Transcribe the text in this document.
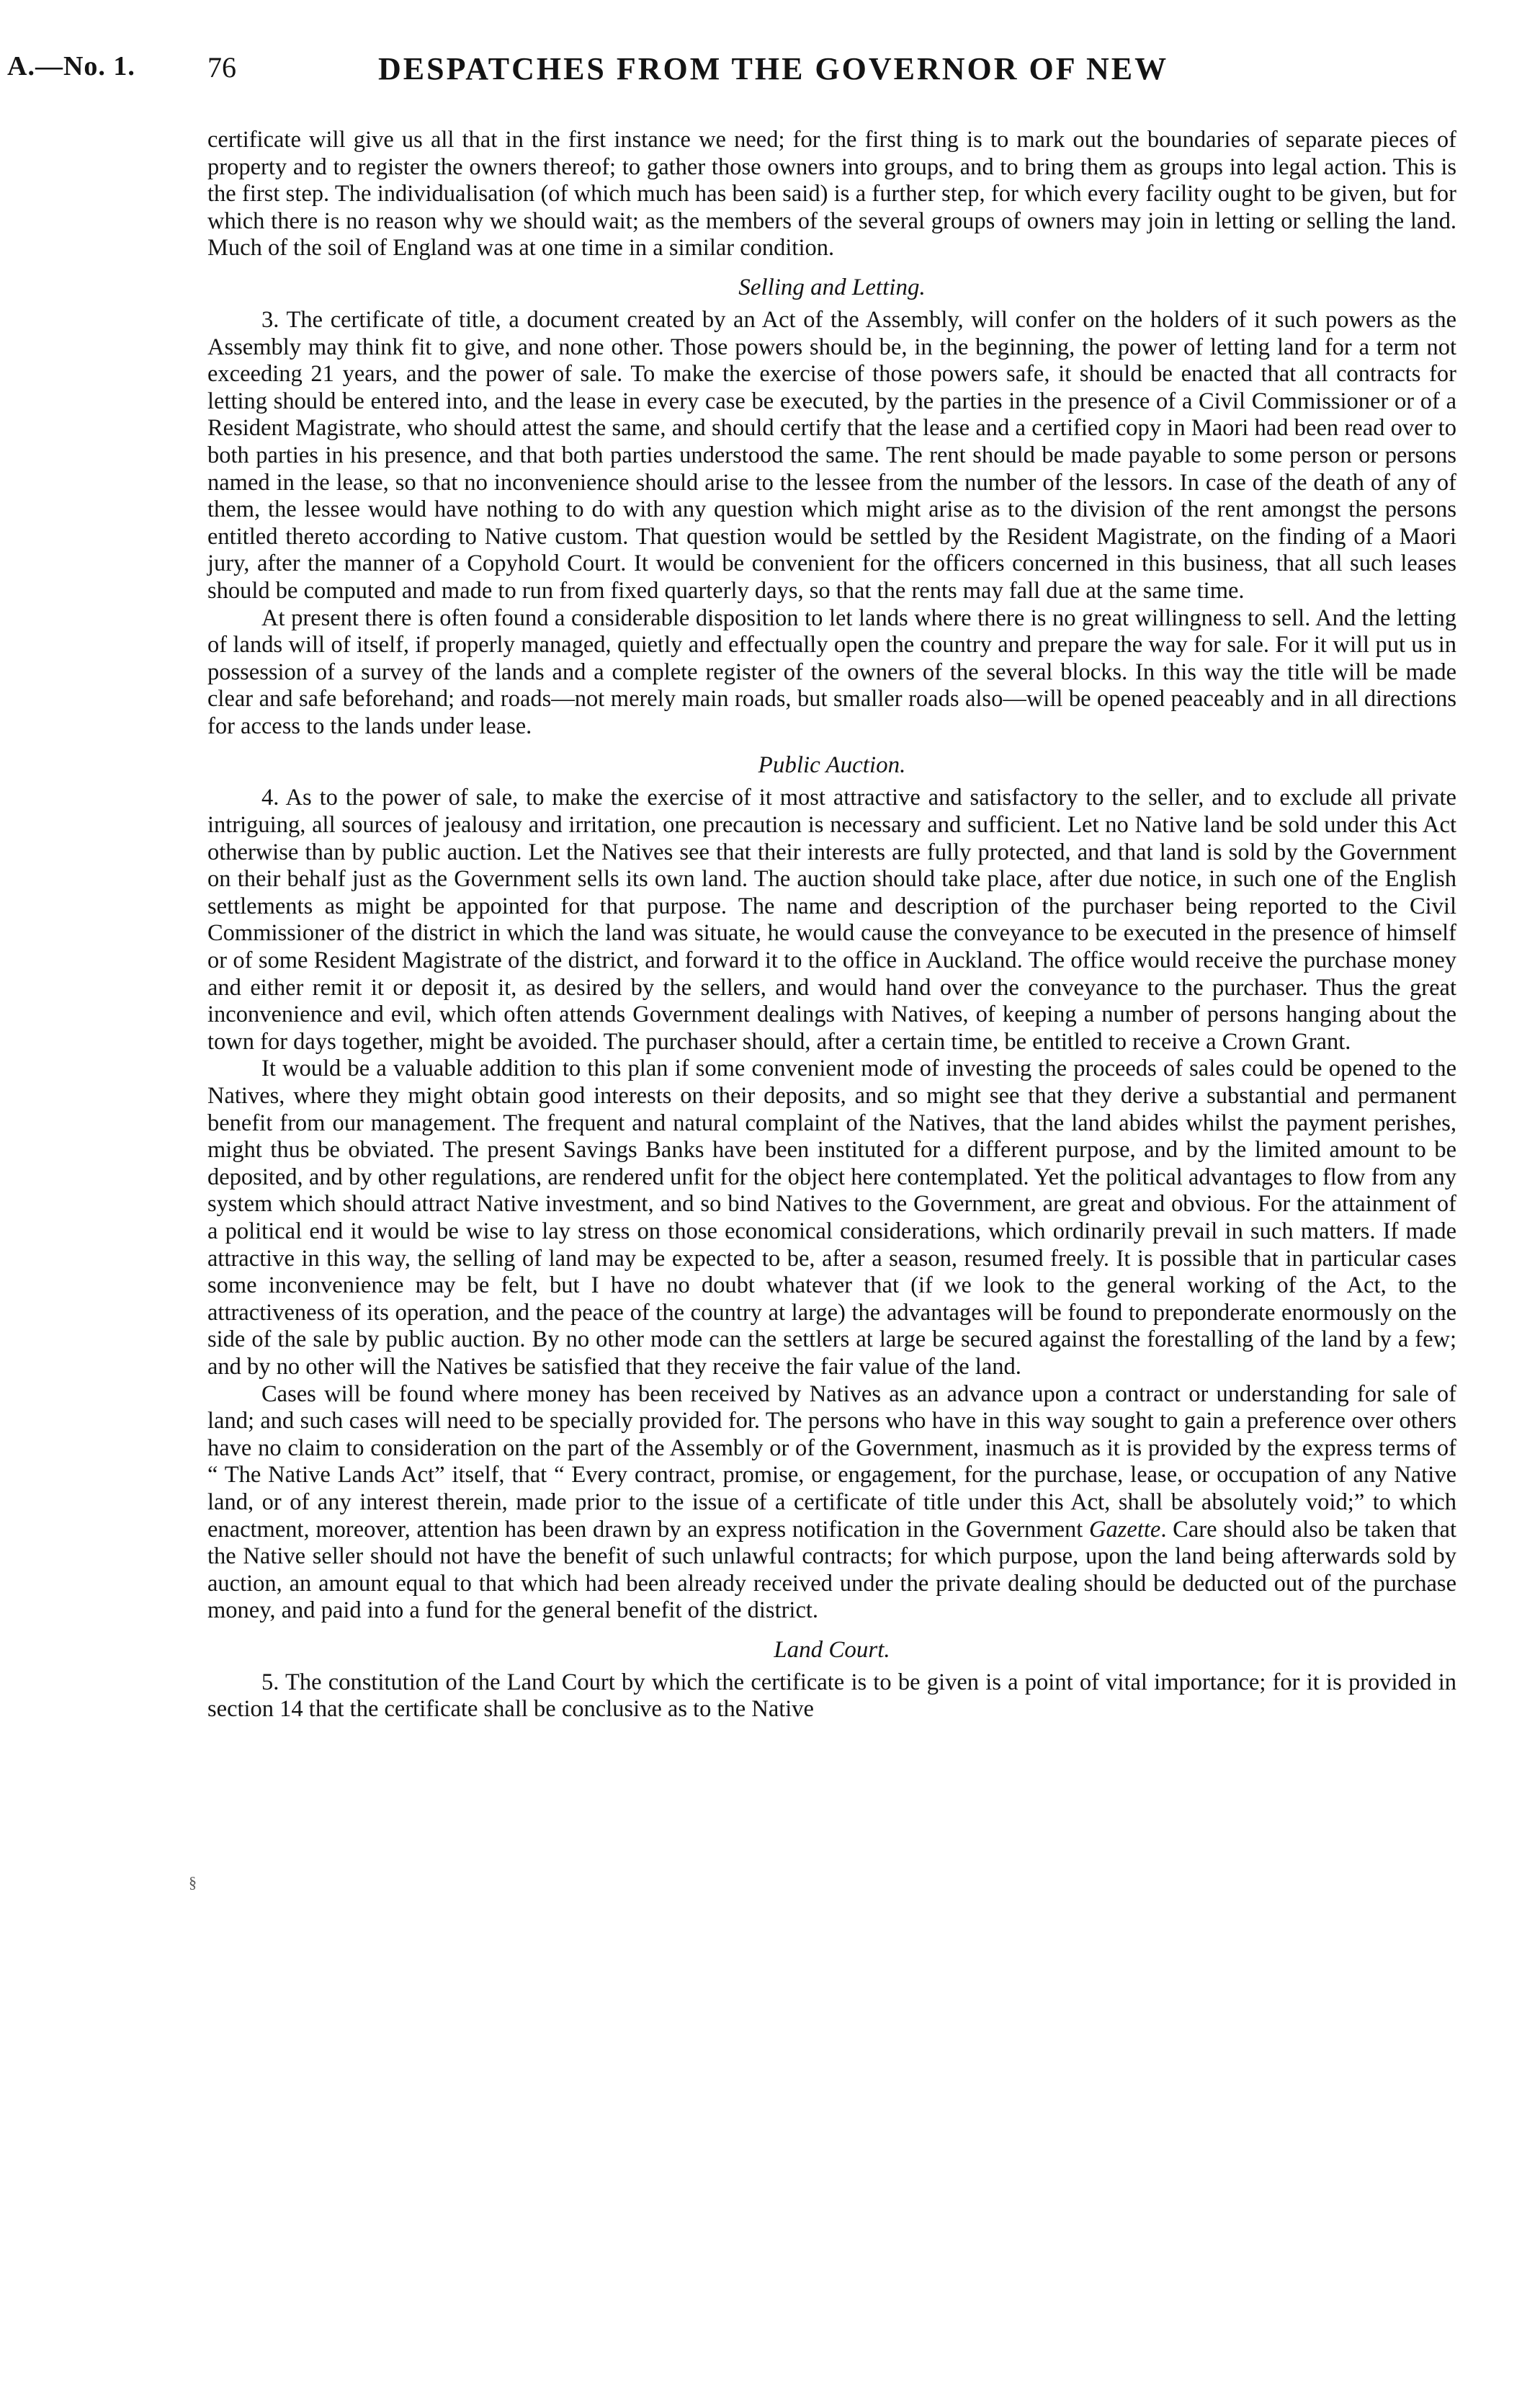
A.—No. 1.	76	DESPATCHES FROM THE GOVERNOR OF NEW

certificate will give us all that in the first instance we need; for the first thing is to mark out the boundaries of separate pieces of property and to register the owners thereof; to gather those owners into groups, and to bring them as groups into legal action. This is the first step. The individualisation (of which much has been said) is a further step, for which every facility ought to be given, but for which there is no reason why we should wait; as the members of the several groups of owners may join in letting or selling the land. Much of the soil of England was at one time in a similar condition.

Selling and Letting.

3. The certificate of title, a document created by an Act of the Assembly, will confer on the holders of it such powers as the Assembly may think fit to give, and none other. Those powers should be, in the beginning, the power of letting land for a term not exceeding 21 years, and the power of sale. To make the exercise of those powers safe, it should be enacted that all contracts for letting should be entered into, and the lease in every case be executed, by the parties in the presence of a Civil Commissioner or of a Resident Magistrate, who should attest the same, and should certify that the lease and a certified copy in Maori had been read over to both parties in his presence, and that both parties understood the same. The rent should be made payable to some person or persons named in the lease, so that no inconvenience should arise to the lessee from the number of the lessors. In case of the death of any of them, the lessee would have nothing to do with any question which might arise as to the division of the rent amongst the persons entitled thereto according to Native custom. That question would be settled by the Resident Magistrate, on the finding of a Maori jury, after the manner of a Copyhold Court. It would be convenient for the officers concerned in this business, that all such leases should be computed and made to run from fixed quarterly days, so that the rents may fall due at the same time.

At present there is often found a considerable disposition to let lands where there is no great willingness to sell. And the letting of lands will of itself, if properly managed, quietly and effectually open the country and prepare the way for sale. For it will put us in possession of a survey of the lands and a complete register of the owners of the several blocks. In this way the title will be made clear and safe beforehand; and roads—not merely main roads, but smaller roads also—will be opened peaceably and in all directions for access to the lands under lease.

Public Auction.

4. As to the power of sale, to make the exercise of it most attractive and satisfactory to the seller, and to exclude all private intriguing, all sources of jealousy and irritation, one precaution is necessary and sufficient. Let no Native land be sold under this Act otherwise than by public auction. Let the Natives see that their interests are fully protected, and that land is sold by the Government on their behalf just as the Government sells its own land. The auction should take place, after due notice, in such one of the English settlements as might be appointed for that purpose. The name and description of the purchaser being reported to the Civil Commissioner of the district in which the land was situate, he would cause the conveyance to be executed in the presence of himself or of some Resident Magistrate of the district, and forward it to the office in Auckland. The office would receive the purchase money and either remit it or deposit it, as desired by the sellers, and would hand over the conveyance to the purchaser. Thus the great inconvenience and evil, which often attends Government dealings with Natives, of keeping a number of persons hanging about the town for days together, might be avoided. The purchaser should, after a certain time, be entitled to receive a Crown Grant.

It would be a valuable addition to this plan if some convenient mode of investing the proceeds of sales could be opened to the Natives, where they might obtain good interests on their deposits, and so might see that they derive a substantial and permanent benefit from our management. The frequent and natural complaint of the Natives, that the land abides whilst the payment perishes, might thus be obviated. The present Savings Banks have been instituted for a different purpose, and by the limited amount to be deposited, and by other regulations, are rendered unfit for the object here contemplated. Yet the political advantages to flow from any system which should attract Native investment, and so bind Natives to the Government, are great and obvious. For the attainment of a political end it would be wise to lay stress on those economical considerations, which ordinarily prevail in such matters. If made attractive in this way, the selling of land may be expected to be, after a season, resumed freely. It is possible that in particular cases some inconvenience may be felt, but I have no doubt whatever that (if we look to the general working of the Act, to the attractiveness of its operation, and the peace of the country at large) the advantages will be found to preponderate enormously on the side of the sale by public auction. By no other mode can the settlers at large be secured against the forestalling of the land by a few; and by no other will the Natives be satisfied that they receive the fair value of the land.

Cases will be found where money has been received by Natives as an advance upon a contract or understanding for sale of land; and such cases will need to be specially provided for. The persons who have in this way sought to gain a preference over others have no claim to consideration on the part of the Assembly or of the Government, inasmuch as it is provided by the express terms of “ The Native Lands Act” itself, that “ Every contract, promise, or engagement, for the purchase, lease, or occupation of any Native land, or of any interest therein, made prior to the issue of a certificate of title under this Act, shall be absolutely void;” to which enactment, moreover, attention has been drawn by an express notification in the Government Gazette. Care should also be taken that the Native seller should not have the benefit of such unlawful contracts; for which purpose, upon the land being afterwards sold by auction, an amount equal to that which had been already received under the private dealing should be deducted out of the purchase money, and paid into a fund for the general benefit of the district.

Land Court.

5. The constitution of the Land Court by which the certificate is to be given is a point of vital importance; for it is provided in section 14 that the certificate shall be conclusive as to the Native

§
